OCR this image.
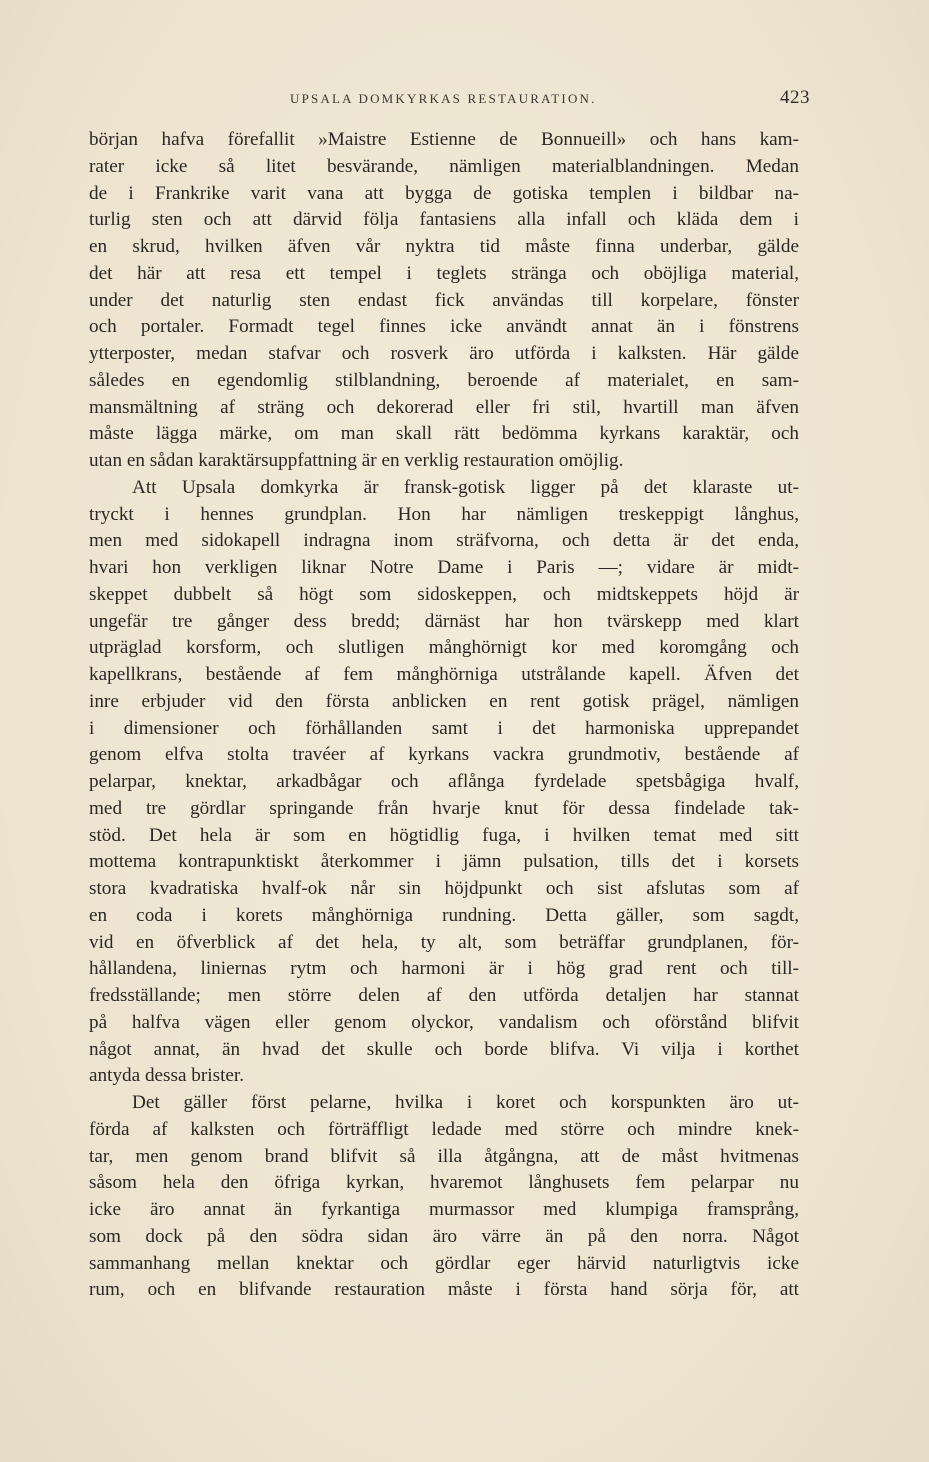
UPSALA DOMKYRKAS RESTAURATION.	423
början hafva förefallit »Maistre Estienne de Bonnueill» och hans kam-
rater icke så litet besvärande, nämligen materialblandningen. Medan
de i Frankrike varit vana att bygga de gotiska templen i bildbar na-
turlig sten och att därvid följa fantasiens alla infall och kläda dem i
en skrud, hvilken äfven vår nyktra tid måste finna underbar, gälde
det här att resa ett tempel i teglets stränga och oböjliga material,
under det naturlig sten endast fick användas till korpelare, fönster
och portaler. Formadt tegel finnes icke användt annat än i fönstrens
ytterposter, medan stafvar och rosverk äro utförda i kalksten. Här gälde
således en egendomlig stilblandning, beroende af materialet, en sam-
mansmältning af sträng och dekorerad eller fri stil, hvartill man äfven
måste lägga märke, om man skall rätt bedömma kyrkans karaktär, och
utan en sådan karaktärsuppfattning är en verklig restauration omöjlig.
Att Upsala domkyrka är fransk-gotisk ligger på det klaraste ut-
tryckt i hennes grundplan. Hon har nämligen treskeppigt långhus,
men med sidokapell indragna inom sträfvorna, och detta är det enda,
hvari hon verkligen liknar Notre Dame i Paris —; vidare är midt-
skeppet dubbelt så högt som sidoskeppen, och midtskeppets höjd är
ungefär tre gånger dess bredd; därnäst har hon tvärskepp med klart
utpräglad korsform, och slutligen månghörnigt kor med koromgång och
kapellkrans, bestående af fem månghörniga utstrålande kapell. Äfven det
inre erbjuder vid den första anblicken en rent gotisk prägel, nämligen
i dimensioner och förhållanden samt i det harmoniska upprepandet
genom elfva stolta travéer af kyrkans vackra grundmotiv, bestående af
pelarpar, knektar, arkadbågar och aflånga fyrdelade spetsbågiga hvalf,
med tre gördlar springande från hvarje knut för dessa findelade tak-
stöd. Det hela är som en högtidlig fuga, i hvilken temat med sitt
mottema kontrapunktiskt återkommer i jämn pulsation, tills det i korsets
stora kvadratiska hvalf-ok når sin höjdpunkt och sist afslutas som af
en coda i korets månghörniga rundning. Detta gäller, som sagdt,
vid en öfverblick af det hela, ty alt, som beträffar grundplanen, för-
hållandena, liniernas rytm och harmoni är i hög grad rent och till-
fredsställande; men större delen af den utförda detaljen har stannat
på halfva vägen eller genom olyckor, vandalism och oförstånd blifvit
något annat, än hvad det skulle och borde blifva. Vi vilja i korthet
antyda dessa brister.
Det gäller först pelarne, hvilka i koret och korspunkten äro ut-
förda af kalksten och förträffligt ledade med större och mindre knek-
tar, men genom brand blifvit så illa åtgångna, att de måst hvitmenas
såsom hela den öfriga kyrkan, hvaremot långhusets fem pelarpar nu
icke äro annat än fyrkantiga murmassor med klumpiga framsprång,
som dock på den södra sidan äro värre än på den norra. Något
sammanhang mellan knektar och gördlar eger härvid naturligtvis icke
rum, och en blifvande restauration måste i första hand sörja för, att
